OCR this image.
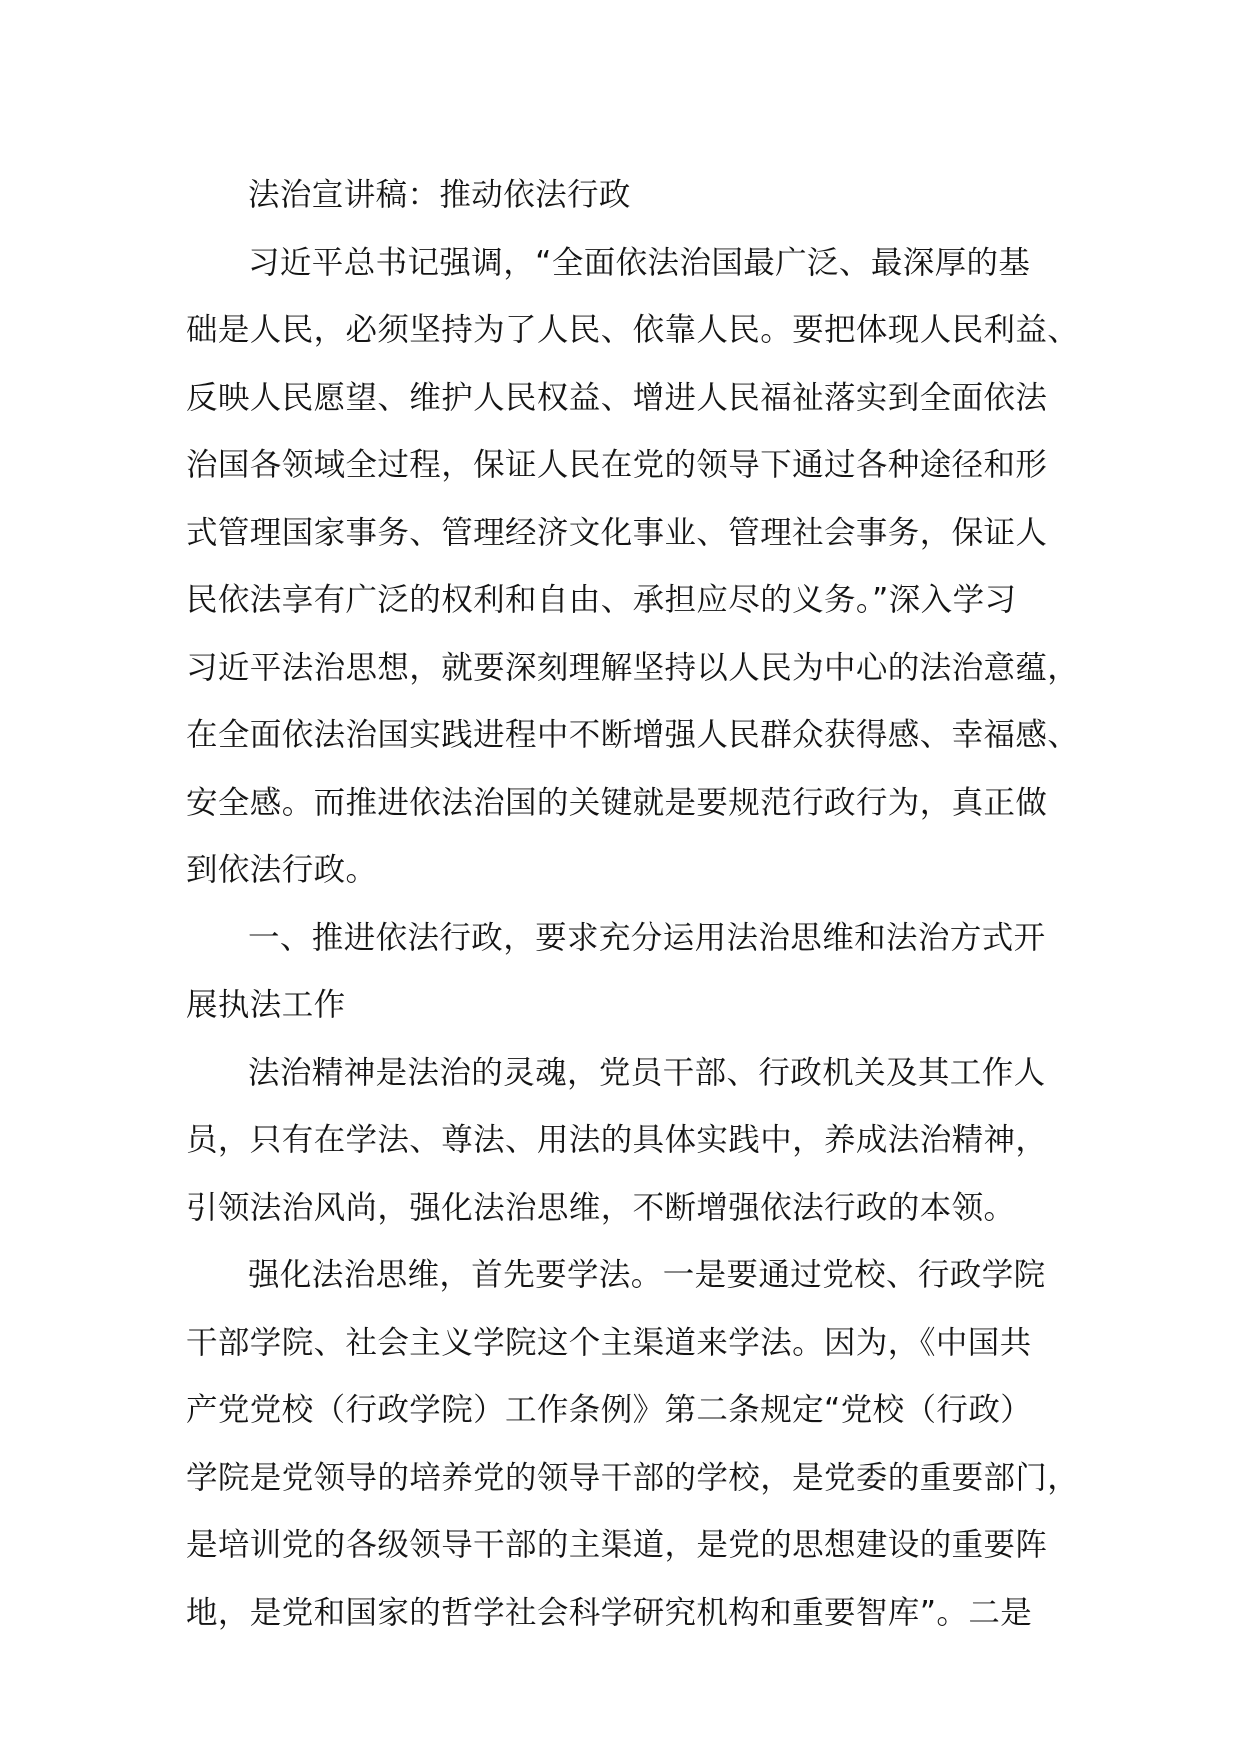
法治宣讲稿：推动依法行政
习近平总书记强调，“全面依法治国最广泛、最深厚的基
础是人民，必须坚持为了人民、依靠人民。要把体现人民利益、
反映人民愿望、维护人民权益、增进人民福祉落实到全面依法
治国各领域全过程，保证人民在党的领导下通过各种途径和形
式管理国家事务、管理经济文化事业、管理社会事务，保证人
民依法享有广泛的权利和自由、承担应尽的义务。”深入学习
习近平法治思想，就要深刻理解坚持以人民为中心的法治意蕴，
在全面依法治国实践进程中不断增强人民群众获得感、幸福感、
安全感。而推进依法治国的关键就是要规范行政行为，真正做
到依法行政。
一、推进依法行政，要求充分运用法治思维和法治方式开
展执法工作
法治精神是法治的灵魂，党员干部、行政机关及其工作人
员，只有在学法、尊法、用法的具体实践中，养成法治精神，
引领法治风尚，强化法治思维，不断增强依法行政的本领。
强化法治思维，首先要学法。一是要通过党校、行政学院
干部学院、社会主义学院这个主渠道来学法。因为，《中国共
产党党校（行政学院）工作条例》第二条规定“党校（行政）
学院是党领导的培养党的领导干部的学校，是党委的重要部门，
是培训党的各级领导干部的主渠道，是党的思想建设的重要阵
地，是党和国家的哲学社会科学研究机构和重要智库”。二是
